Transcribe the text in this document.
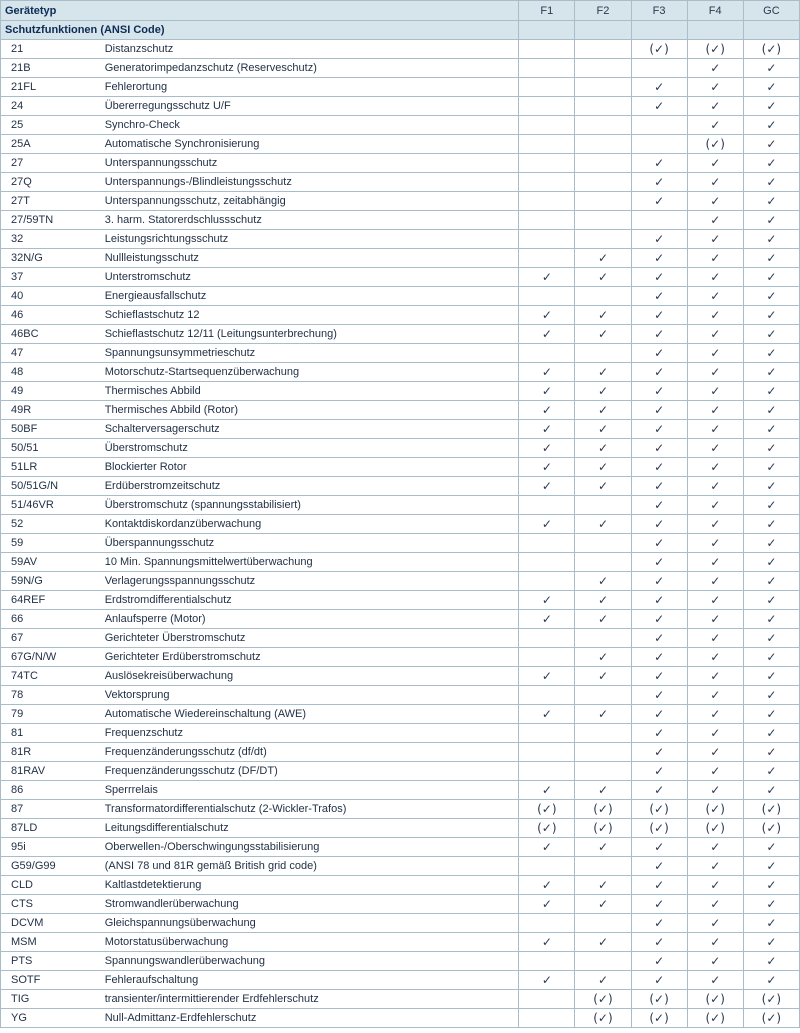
Gerätetyp		F1	F2	F3	F4	GC
Schutzfunktionen (ANSI Code)						
21	Distanzschutz			(✓)	(✓)	(✓)
21B	Generatorimpedanzschutz (Reserveschutz)				✓	✓
21FL	Fehlerortung			✓	✓	✓
24	Übererregungsschutz U/F			✓	✓	✓
25	Synchro-Check				✓	✓
25A	Automatische Synchronisierung				(✓)	✓
27	Unterspannungsschutz			✓	✓	✓
27Q	Unterspannungs-/Blindleistungsschutz			✓	✓	✓
27T	Unterspannungsschutz, zeitabhängig			✓	✓	✓
27/59TN	3. harm. Statorerdschlussschutz				✓	✓
32	Leistungsrichtungsschutz			✓	✓	✓
32N/G	Nullleistungsschutz		✓	✓	✓	✓
37	Unterstromschutz	✓	✓	✓	✓	✓
40	Energieausfallschutz			✓	✓	✓
46	Schieflastschutz 12	✓	✓	✓	✓	✓
46BC	Schieflastschutz 12/11 (Leitungsunterbrechung)	✓	✓	✓	✓	✓
47	Spannungsunsymmetrieschutz			✓	✓	✓
48	Motorschutz-Startsequenzüberwachung	✓	✓	✓	✓	✓
49	Thermisches Abbild	✓	✓	✓	✓	✓
49R	Thermisches Abbild (Rotor)	✓	✓	✓	✓	✓
50BF	Schalterversagerschutz	✓	✓	✓	✓	✓
50/51	Überstromschutz	✓	✓	✓	✓	✓
51LR	Blockierter Rotor	✓	✓	✓	✓	✓
50/51G/N	Erdüberstromzeitschutz	✓	✓	✓	✓	✓
51/46VR	Überstromschutz (spannungsstabilisiert)			✓	✓	✓
52	Kontaktdiskordanzüberwachung	✓	✓	✓	✓	✓
59	Überspannungsschutz			✓	✓	✓
59AV	10 Min. Spannungsmittelwertüberwachung			✓	✓	✓
59N/G	Verlagerungsspannungsschutz		✓	✓	✓	✓
64REF	Erdstromdifferentialschutz	✓	✓	✓	✓	✓
66	Anlaufsperre (Motor)	✓	✓	✓	✓	✓
67	Gerichteter Überstromschutz			✓	✓	✓
67G/N/W	Gerichteter Erdüberstromschutz		✓	✓	✓	✓
74TC	Auslösekreisüberwachung	✓	✓	✓	✓	✓
78	Vektorsprung			✓	✓	✓
79	Automatische Wiedereinschaltung (AWE)	✓	✓	✓	✓	✓
81	Frequenzschutz			✓	✓	✓
81R	Frequenzänderungsschutz (df/dt)			✓	✓	✓
81RAV	Frequenzänderungsschutz (DF/DT)			✓	✓	✓
86	Sperrrelais	✓	✓	✓	✓	✓
87	Transformatordifferentialschutz (2-Wickler-Trafos)	(✓)	(✓)	(✓)	(✓)	(✓)
87LD	Leitungsdifferentialschutz	(✓)	(✓)	(✓)	(✓)	(✓)
95i	Oberwellen-/Oberschwingungsstabilisierung	✓	✓	✓	✓	✓
G59/G99	(ANSI 78 und 81R gemäß British grid code)			✓	✓	✓
CLD	Kaltlastdetektierung	✓	✓	✓	✓	✓
CTS	Stromwandlerüberwachung	✓	✓	✓	✓	✓
DCVM	Gleichspannungsüberwachung			✓	✓	✓
MSM	Motorstatusüberwachung	✓	✓	✓	✓	✓
PTS	Spannungswandlerüberwachung			✓	✓	✓
SOTF	Fehleraufschaltung	✓	✓	✓	✓	✓
TIG	transienter/intermittierender Erdfehlerschutz		(✓)	(✓)	(✓)	(✓)
YG	Null-Admittanz-Erdfehlerschutz		(✓)	(✓)	(✓)	(✓)
